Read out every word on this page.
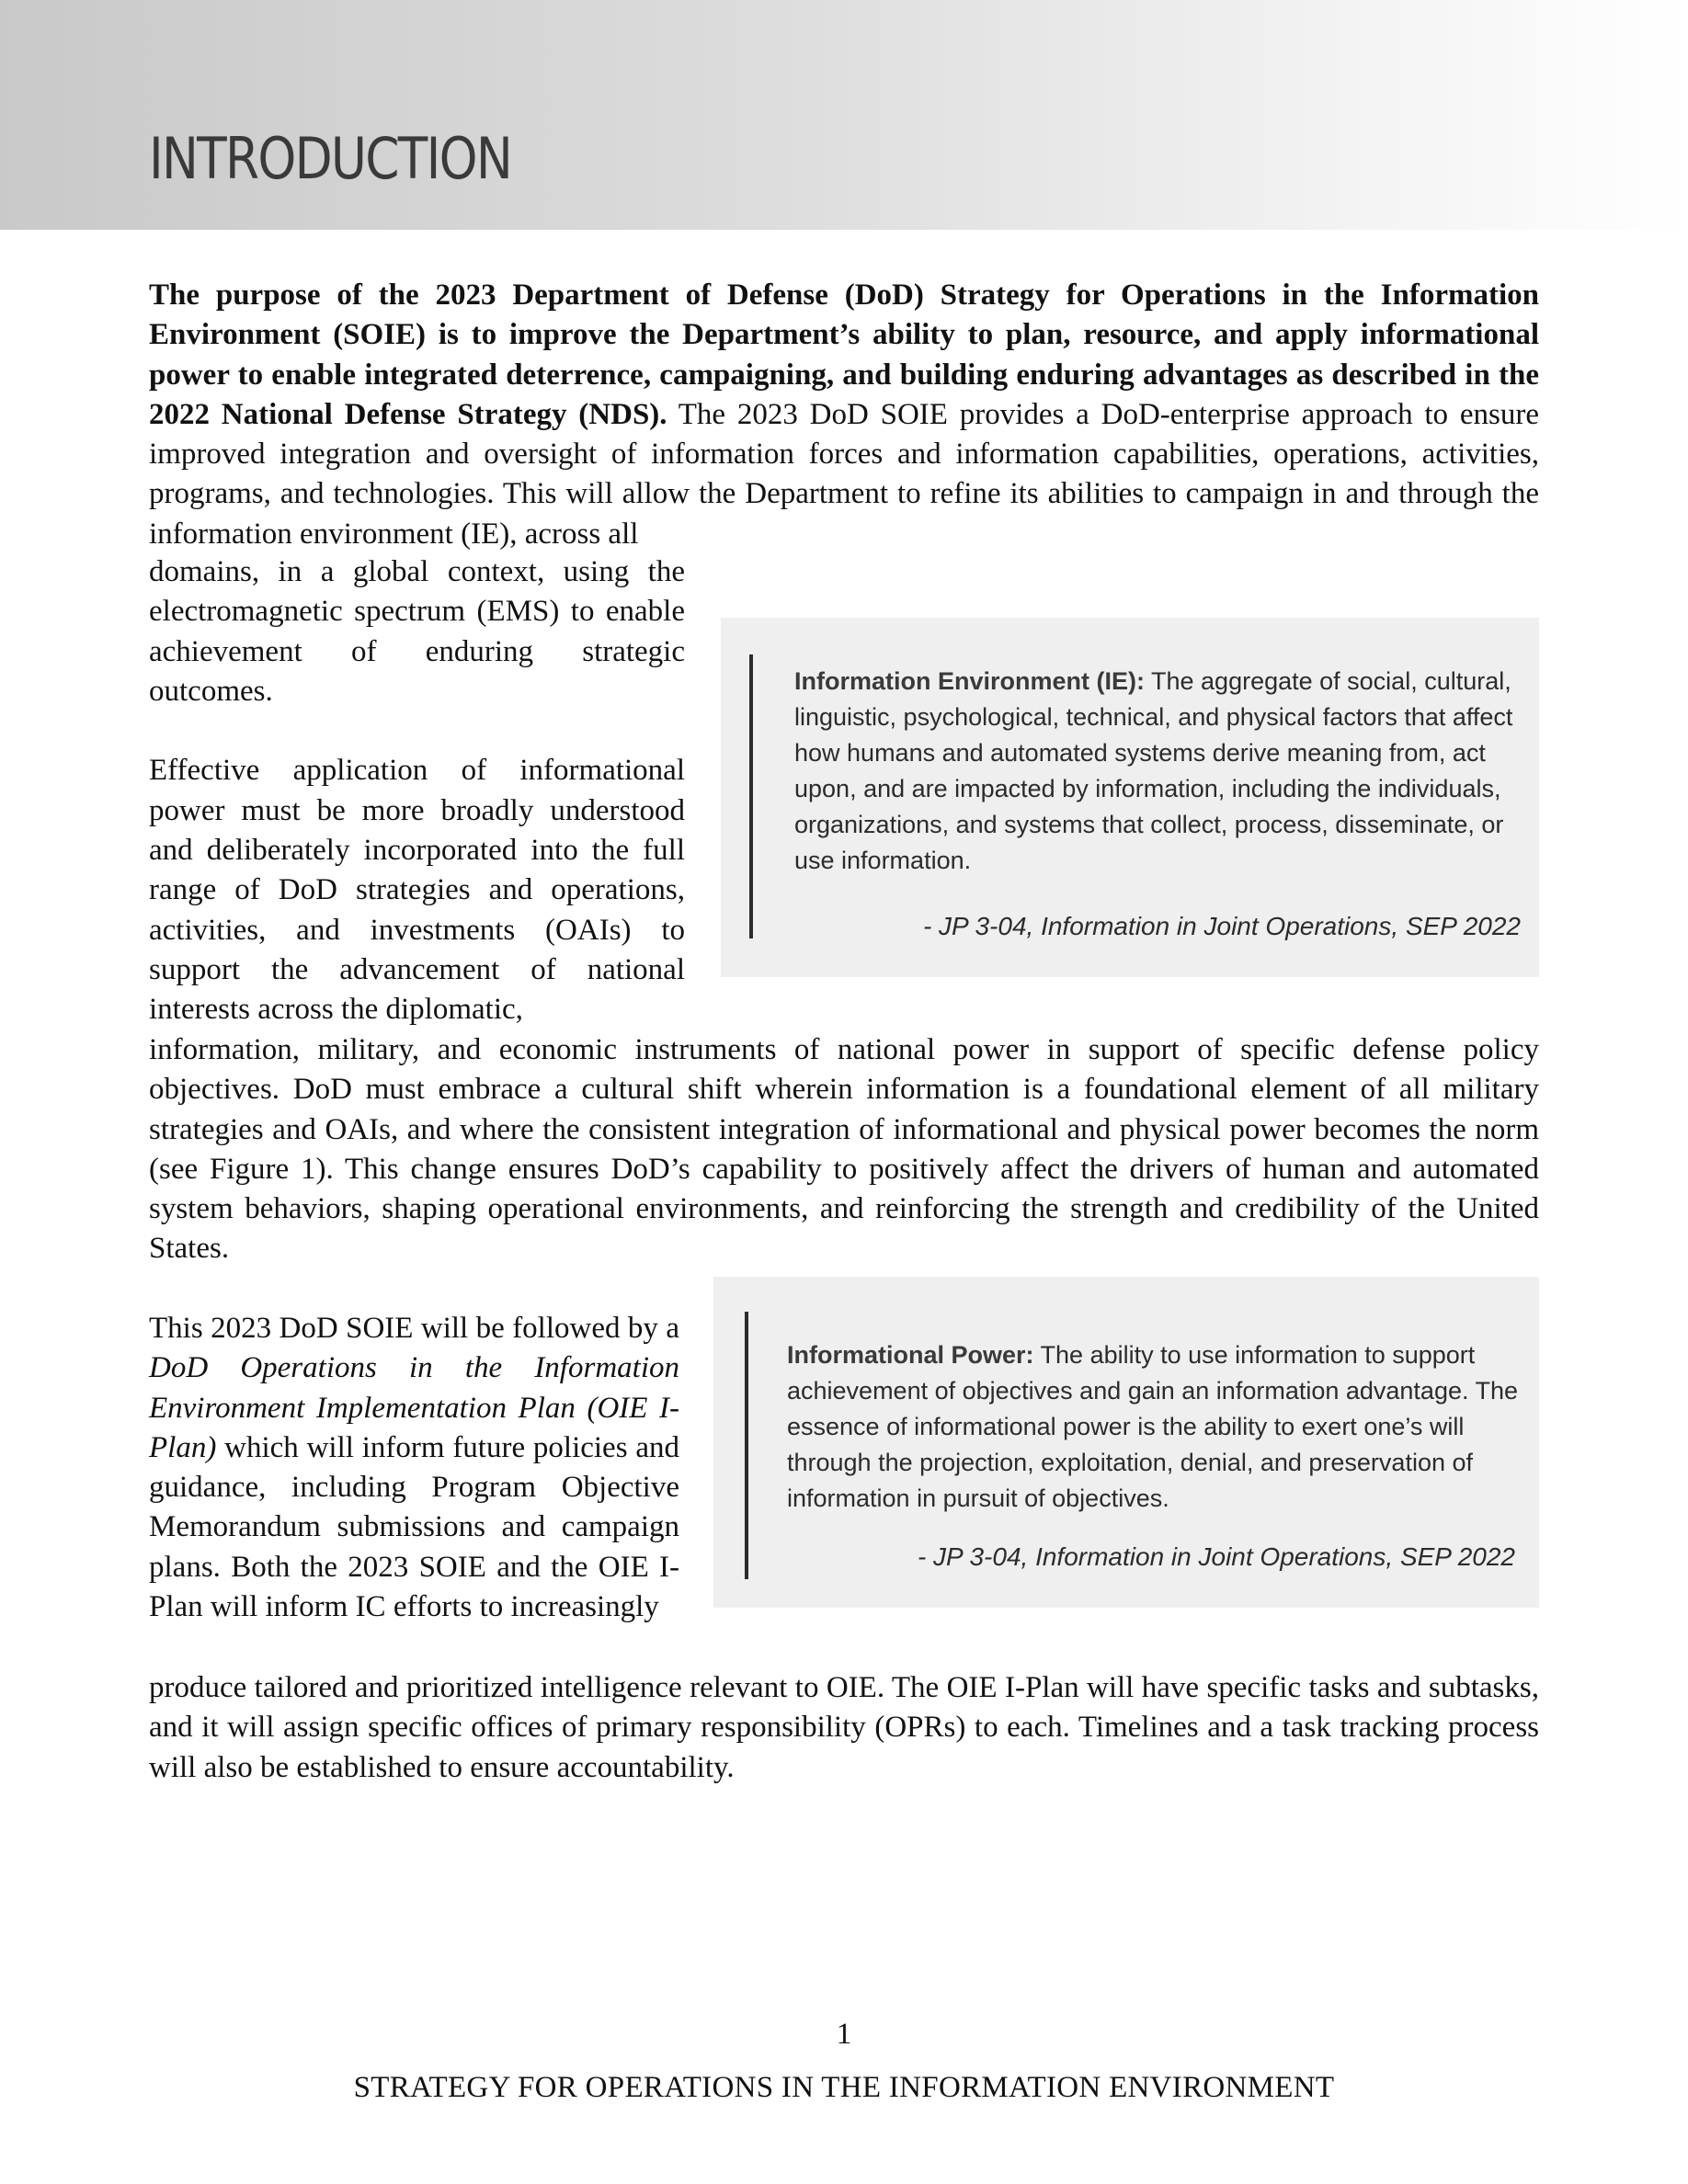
INTRODUCTION

The purpose of the 2023 Department of Defense (DoD) Strategy for Operations in the Information Environment (SOIE) is to improve the Department’s ability to plan, resource, and apply informational power to enable integrated deterrence, campaigning, and building enduring advantages as described in the 2022 National Defense Strategy (NDS). The 2023 DoD SOIE provides a DoD-enterprise approach to ensure improved integration and oversight of information forces and information capabilities, operations, activities, programs, and technologies. This will allow the Department to refine its abilities to campaign in and through the information environment (IE), across all

domains, in a global context, using the electromagnetic spectrum (EMS) to enable achievement of enduring strategic outcomes.

Effective application of informational power must be more broadly understood and deliberately incorporated into the full range of DoD strategies and operations, activities, and investments (OAIs) to support the advancement of national interests across the diplomatic,

Information Environment (IE): The aggregate of social, cultural, linguistic, psychological, technical, and physical factors that affect how humans and automated systems derive meaning from, act upon, and are impacted by information, including the individuals, organizations, and systems that collect, process, disseminate, or use information.

- JP 3-04, Information in Joint Operations, SEP 2022

information, military, and economic instruments of national power in support of specific defense policy objectives. DoD must embrace a cultural shift wherein information is a foundational element of all military strategies and OAIs, and where the consistent integration of informational and physical power becomes the norm (see Figure 1). This change ensures DoD’s capability to positively affect the drivers of human and automated system behaviors, shaping operational environments, and reinforcing the strength and credibility of the United States.

This 2023 DoD SOIE will be followed by a DoD Operations in the Information Environment Implementation Plan (OIE I-Plan) which will inform future policies and guidance, including Program Objective Memorandum submissions and campaign plans. Both the 2023 SOIE and the OIE I-Plan will inform IC efforts to increasingly

Informational Power: The ability to use information to support achievement of objectives and gain an information advantage. The essence of informational power is the ability to exert one’s will through the projection, exploitation, denial, and preservation of information in pursuit of objectives.

- JP 3-04, Information in Joint Operations, SEP 2022

produce tailored and prioritized intelligence relevant to OIE. The OIE I-Plan will have specific tasks and subtasks, and it will assign specific offices of primary responsibility (OPRs) to each. Timelines and a task tracking process will also be established to ensure accountability.

1
STRATEGY FOR OPERATIONS IN THE INFORMATION ENVIRONMENT
